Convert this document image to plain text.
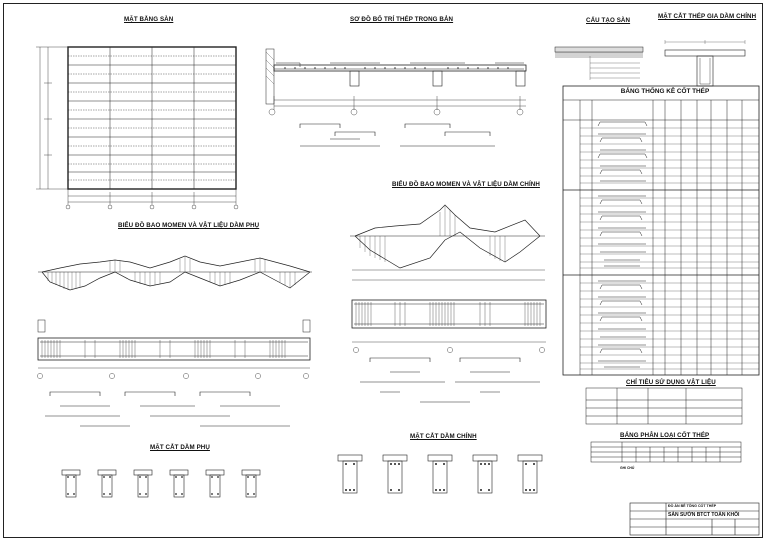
MẶT BẰNG SÀN	SƠ ĐỒ BỐ TRÍ THÉP TRONG BẢN	CẤU TẠO SÀN
MẶT CẮT THÉP GIA DẦM CHÍNH
BIỂU ĐỒ BAO MOMEN VÀ VẬT LIỆU DẦM CHÍNH
BIỂU ĐỒ BAO MOMEN VÀ VẬT LIỆU DẦM PHỤ
BẢNG THỐNG KÊ CỐT THÉP
CHỈ TIÊU SỬ DỤNG VẬT LIỆU
BẢNG PHÂN LOẠI CỐT THÉP
MẶT CẮT DẦM PHỤ
MẶT CẮT DẦM CHÍNH
GHI CHÚ
ĐỒ ÁN BÊ TÔNG CỐT THÉP
SÀN SƯỜN BTCT TOÀN KHỐI
